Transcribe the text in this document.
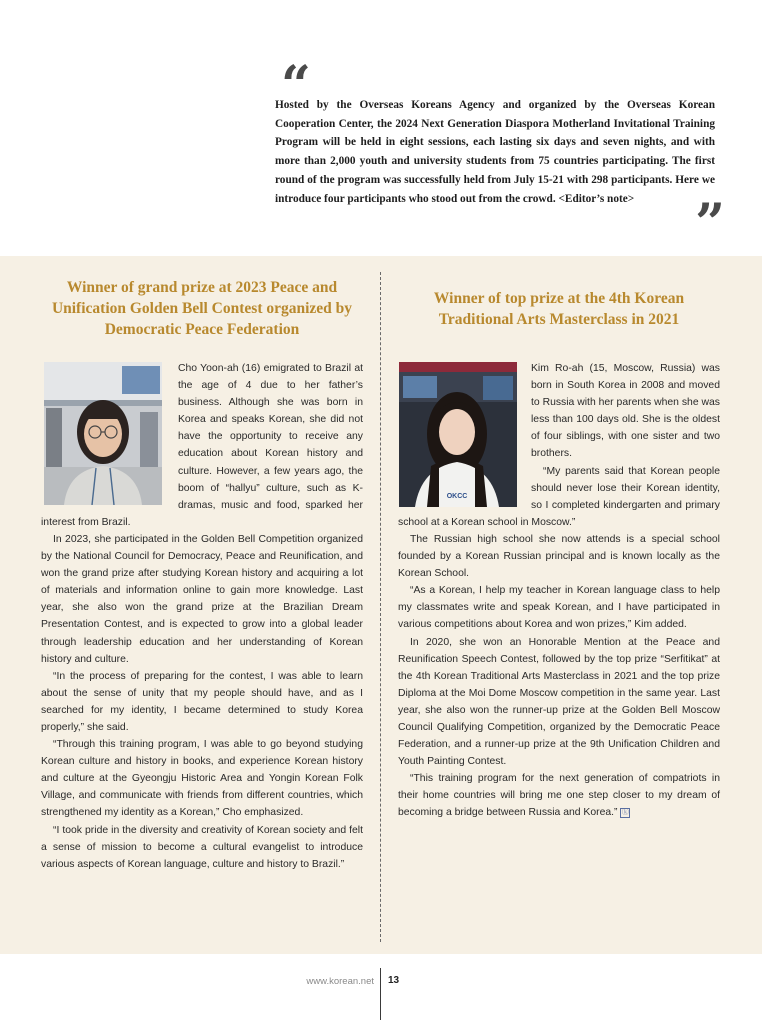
“

Hosted by the Overseas Koreans Agency and organized by the Overseas Korean Cooperation Center, the 2024 Next Generation Diaspora Motherland Invitational Training Program will be held in eight sessions, each lasting six days and seven nights, and with more than 2,000 youth and university students from 75 countries participating. The first round of the program was successfully held from July 15-21 with 298 participants. Here we introduce four participants who stood out from the crowd. <Editor’s note>	”
Winner of grand prize at 2023 Peace and Unification Golden Bell Contest organized by Democratic Peace Federation

Cho Yoon-ah (16) emigrated to Brazil at the age of 4 due to her father’s business. Although she was born in Korea and speaks Korean, she did not have the opportunity to receive any education about Korean history and culture. However, a few years ago, the boom of “hallyu” culture, such as K-dramas, music and food, sparked her interest from Brazil.

In 2023, she participated in the Golden Bell Competition organized by the National Council for Democracy, Peace and Reunification, and won the grand prize after studying Korean history and acquiring a lot of materials and information online to gain more knowledge. Last year, she also won the grand prize at the Brazilian Dream Presentation Contest, and is expected to grow into a global leader through leadership education and her understanding of Korean history and culture.

“In the process of preparing for the contest, I was able to learn about the sense of unity that my people should have, and as I searched for my identity, I became determined to study Korea properly,” she said.

“Through this training program, I was able to go beyond studying Korean culture and history in books, and experience Korean history and culture at the Gyeongju Historic Area and Yongin Korean Folk Village, and communicate with friends from different countries, which strengthened my identity as a Korean,” Cho emphasized.

“I took pride in the diversity and creativity of Korean society and felt a sense of mission to become a cultural evangelist to introduce various aspects of Korean language, culture and history to Brazil.”

Winner of top prize at the 4th Korean Traditional Arts Masterclass in 2021
OKCC

Kim Ro-ah (15, Moscow, Russia) was born in South Korea in 2008 and moved to Russia with her parents when she was less than 100 days old. She is the oldest of four siblings, with one sister and two brothers.

“My parents said that Korean people should never lose their Korean identity, so I completed kindergarten and primary school at a Korean school in Moscow.”

The Russian high school she now attends is a special school founded by a Korean Russian principal and is known locally as the Korean School.

“As a Korean, I help my teacher in Korean language class to help my classmates write and speak Korean, and I have participated in various competitions about Korea and won prizes,” Kim added.

In 2020, she won an Honorable Mention at the Peace and Reunification Speech Contest, followed by the top prize “Serfitikat” at the 4th Korean Traditional Arts Masterclass in 2021 and the top prize Diploma at the Moi Dome Moscow competition in the same year. Last year, she also won the runner-up prize at the Golden Bell Moscow Council Qualifying Competition, organized by the Democratic Peace Federation, and a runner-up prize at the 9th Unification Children and Youth Painting Contest.

“This training program for the next generation of compatriots in their home countries will bring me one step closer to my dream of becoming a bridge between Russia and Korea.” ⓚ

www.korean.net 13
